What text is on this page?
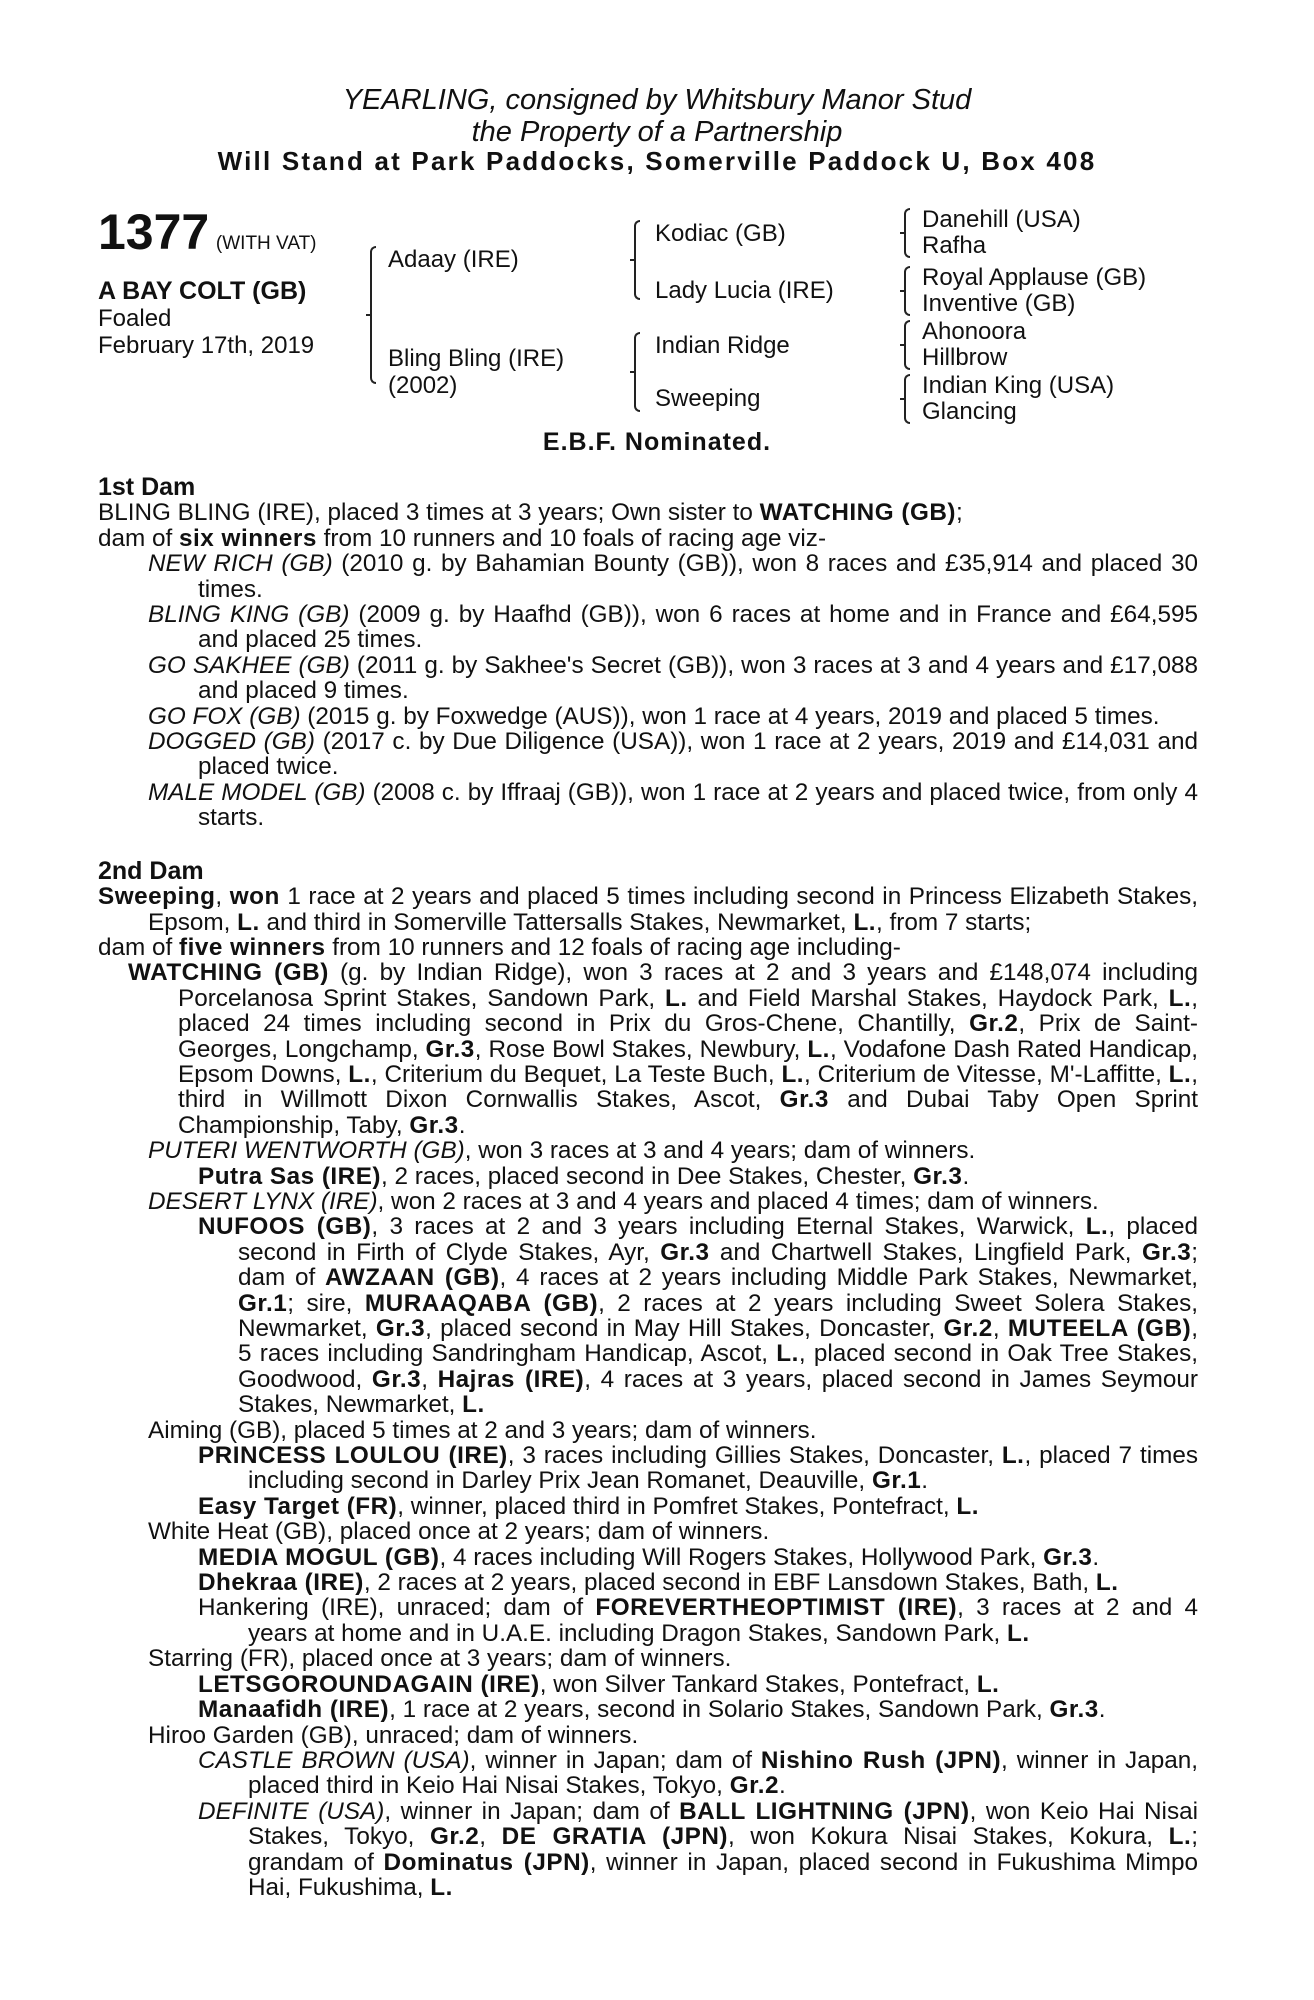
YEARLING, consigned by Whitsbury Manor Stud
the Property of a Partnership
Will Stand at Park Paddocks, Somerville Paddock U, Box 408
1377 (WITH VAT)
A BAY COLT (GB)
Foaled
February 17th, 2019
Adaay (IRE)
Bling Bling (IRE)
(2002)
Kodiac (GB)
Lady Lucia (IRE)
Indian Ridge
Sweeping
Danehill (USA)
Rafha
Royal Applause (GB)
Inventive (GB)
Ahonoora
Hillbrow
Indian King (USA)
Glancing
E.B.F. Nominated.
1st Dam

BLING BLING (IRE), placed 3 times at 3 years; Own sister to WATCHING (GB);

dam of six winners from 10 runners and 10 foals of racing age viz-

NEW RICH (GB) (2010 g. by Bahamian Bounty (GB)), won 8 races and £35,914 and placed 30 times.

BLING KING (GB) (2009 g. by Haafhd (GB)), won 6 races at home and in France and £64,595 and placed 25 times.

GO SAKHEE (GB) (2011 g. by Sakhee's Secret (GB)), won 3 races at 3 and 4 years and £17,088 and placed 9 times.

GO FOX (GB) (2015 g. by Foxwedge (AUS)), won 1 race at 4 years, 2019 and placed 5 times.

DOGGED (GB) (2017 c. by Due Diligence (USA)), won 1 race at 2 years, 2019 and £14,031 and placed twice.

MALE MODEL (GB) (2008 c. by Iffraaj (GB)), won 1 race at 2 years and placed twice, from only 4 starts.

2nd Dam

Sweeping, won 1 race at 2 years and placed 5 times including second in Princess Elizabeth Stakes, Epsom, L. and third in Somerville Tattersalls Stakes, Newmarket, L., from 7 starts;

dam of five winners from 10 runners and 12 foals of racing age including-

WATCHING (GB) (g. by Indian Ridge), won 3 races at 2 and 3 years and £148,074 including Porcelanosa Sprint Stakes, Sandown Park, L. and Field Marshal Stakes, Haydock Park, L., placed 24 times including second in Prix du Gros-Chene, Chantilly, Gr.2, Prix de Saint-Georges, Longchamp, Gr.3, Rose Bowl Stakes, Newbury, L., Vodafone Dash Rated Handicap, Epsom Downs, L., Criterium du Bequet, La Teste Buch, L., Criterium de Vitesse, M'-Laffitte, L., third in Willmott Dixon Cornwallis Stakes, Ascot, Gr.3 and Dubai Taby Open Sprint Championship, Taby, Gr.3.

PUTERI WENTWORTH (GB), won 3 races at 3 and 4 years; dam of winners.

Putra Sas (IRE), 2 races, placed second in Dee Stakes, Chester, Gr.3.

DESERT LYNX (IRE), won 2 races at 3 and 4 years and placed 4 times; dam of winners.

NUFOOS (GB), 3 races at 2 and 3 years including Eternal Stakes, Warwick, L., placed second in Firth of Clyde Stakes, Ayr, Gr.3 and Chartwell Stakes, Lingfield Park, Gr.3; dam of AWZAAN (GB), 4 races at 2 years including Middle Park Stakes, Newmarket, Gr.1; sire, MURAAQABA (GB), 2 races at 2 years including Sweet Solera Stakes, Newmarket, Gr.3, placed second in May Hill Stakes, Doncaster, Gr.2, MUTEELA (GB), 5 races including Sandringham Handicap, Ascot, L., placed second in Oak Tree Stakes, Goodwood, Gr.3, Hajras (IRE), 4 races at 3 years, placed second in James Seymour Stakes, Newmarket, L.

Aiming (GB), placed 5 times at 2 and 3 years; dam of winners.

PRINCESS LOULOU (IRE), 3 races including Gillies Stakes, Doncaster, L., placed 7 times including second in Darley Prix Jean Romanet, Deauville, Gr.1.

Easy Target (FR), winner, placed third in Pomfret Stakes, Pontefract, L.

White Heat (GB), placed once at 2 years; dam of winners.

MEDIA MOGUL (GB), 4 races including Will Rogers Stakes, Hollywood Park, Gr.3.

Dhekraa (IRE), 2 races at 2 years, placed second in EBF Lansdown Stakes, Bath, L.

Hankering (IRE), unraced; dam of FOREVERTHEOPTIMIST (IRE), 3 races at 2 and 4 years at home and in U.A.E. including Dragon Stakes, Sandown Park, L.

Starring (FR), placed once at 3 years; dam of winners.

LETSGOROUNDAGAIN (IRE), won Silver Tankard Stakes, Pontefract, L.

Manaafidh (IRE), 1 race at 2 years, second in Solario Stakes, Sandown Park, Gr.3.

Hiroo Garden (GB), unraced; dam of winners.

CASTLE BROWN (USA), winner in Japan; dam of Nishino Rush (JPN), winner in Japan, placed third in Keio Hai Nisai Stakes, Tokyo, Gr.2.

DEFINITE (USA), winner in Japan; dam of BALL LIGHTNING (JPN), won Keio Hai Nisai Stakes, Tokyo, Gr.2, DE GRATIA (JPN), won Kokura Nisai Stakes, Kokura, L.; grandam of Dominatus (JPN), winner in Japan, placed second in Fukushima Mimpo Hai, Fukushima, L.
